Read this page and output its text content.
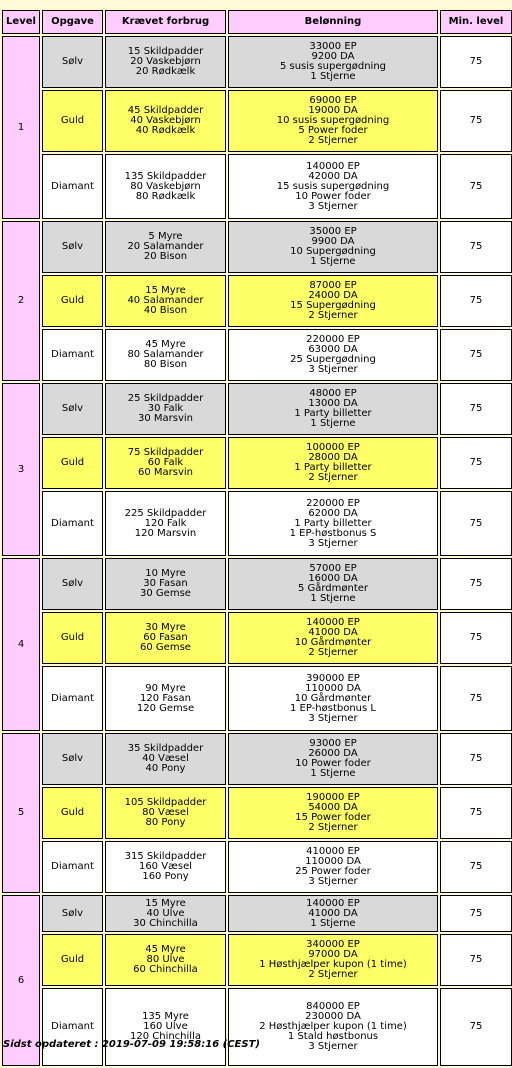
Level	Opgave	Krævet forbrug	Belønning	Min. level
1	Sølv	15 Skildpadder
20 Vaskebjørn
20 Rødkælk	33000 EP
9200 DA
5 susis supergødning
1 Stjerne	75
	Guld	45 Skildpadder
40 Vaskebjørn
40 Rødkælk	69000 EP
19000 DA
10 susis supergødning
5 Power foder
2 Stjerner	75
	Diamant	135 Skildpadder
80 Vaskebjørn
80 Rødkælk	140000 EP
42000 DA
15 susis supergødning
10 Power foder
3 Stjerner	75
2	Sølv	5 Myre
20 Salamander
20 Bison	35000 EP
9900 DA
10 Supergødning
1 Stjerne	75
	Guld	15 Myre
40 Salamander
40 Bison	87000 EP
24000 DA
15 Supergødning
2 Stjerner	75
	Diamant	45 Myre
80 Salamander
80 Bison	220000 EP
63000 DA
25 Supergødning
3 Stjerner	75
3	Sølv	25 Skildpadder
30 Falk
30 Marsvin	48000 EP
13000 DA
1 Party billetter
1 Stjerne	75
	Guld	75 Skildpadder
60 Falk
60 Marsvin	100000 EP
28000 DA
1 Party billetter
2 Stjerner	75
	Diamant	225 Skildpadder
120 Falk
120 Marsvin	220000 EP
62000 DA
1 Party billetter
1 EP-høstbonus S
3 Stjerner	75
4	Sølv	10 Myre
30 Fasan
30 Gemse	57000 EP
16000 DA
5 Gårdmønter
1 Stjerne	75
	Guld	30 Myre
60 Fasan
60 Gemse	140000 EP
41000 DA
10 Gårdmønter
2 Stjerner	75
	Diamant	90 Myre
120 Fasan
120 Gemse	390000 EP
110000 DA
10 Gårdmønter
1 EP-høstbonus L
3 Stjerner	75
5	Sølv	35 Skildpadder
40 Væsel
40 Pony	93000 EP
26000 DA
10 Power foder
1 Stjerne	75
	Guld	105 Skildpadder
80 Væsel
80 Pony	190000 EP
54000 DA
15 Power foder
2 Stjerner	75
	Diamant	315 Skildpadder
160 Væsel
160 Pony	410000 EP
110000 DA
25 Power foder
3 Stjerner	75
6	Sølv	15 Myre
40 Ulve
30 Chinchilla	140000 EP
41000 DA
1 Stjerne	75
	Guld	45 Myre
80 Ulve
60 Chinchilla	340000 EP
97000 DA
1 Høsthjælper kupon (1 time)
2 Stjerner	75
	Diamant	135 Myre
160 Ulve
120 Chinchilla	840000 EP
230000 DA
2 Høsthjælper kupon (1 time)
1 Stald høstbonus
3 Stjerner	75
Sidst opdateret : 2019-07-09 19:58:16 (CEST)
